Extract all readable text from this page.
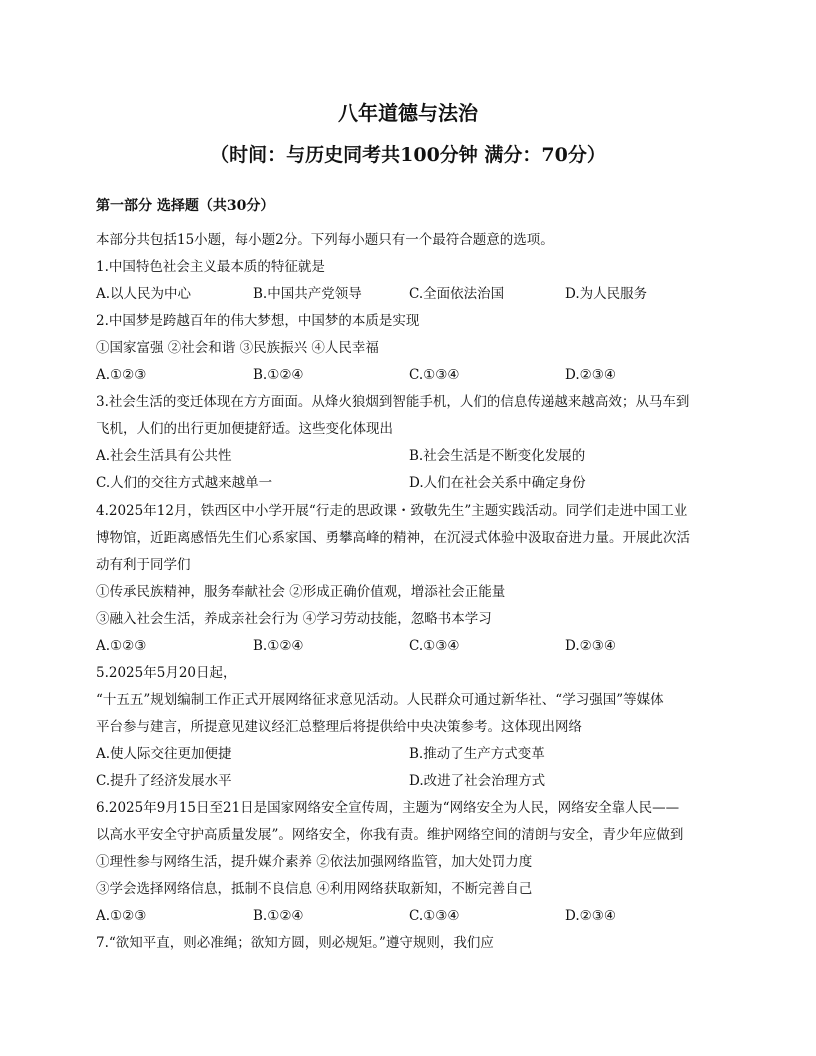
八年道德与法治
（时间：与历史同考共100分钟 满分：70分）
第一部分 选择题（共30分）
本部分共包括15小题，每小题2分。下列每小题只有一个最符合题意的选项。
1.中国特色社会主义最本质的特征就是
A.以人民为中心	B.中国共产党领导	C.全面依法治国	D.为人民服务
2.中国梦是跨越百年的伟大梦想，中国梦的本质是实现
①国家富强 ②社会和谐 ③民族振兴 ④人民幸福
A.①②③	B.①②④	C.①③④	D.②③④
3.社会生活的变迁体现在方方面面。从烽火狼烟到智能手机，人们的信息传递越来越高效；从马车到
飞机，人们的出行更加便捷舒适。这些变化体现出
A.社会生活具有公共性	B.社会生活是不断变化发展的
C.人们的交往方式越来越单一	D.人们在社会关系中确定身份
4.2025年12月，铁西区中小学开展“行走的思政课・致敬先生”主题实践活动。同学们走进中国工业
博物馆，近距离感悟先生们心系家国、勇攀高峰的精神，在沉浸式体验中汲取奋进力量。开展此次活
动有利于同学们
①传承民族精神，服务奉献社会 ②形成正确价值观，增添社会正能量
③融入社会生活，养成亲社会行为 ④学习劳动技能，忽略书本学习
A.①②③	B.①②④	C.①③④	D.②③④
5.2025年5月20日起，
“十五五”规划编制工作正式开展网络征求意见活动。人民群众可通过新华社、“学习强国”等媒体
平台参与建言，所提意见建议经汇总整理后将提供给中央决策参考。这体现出网络
A.使人际交往更加便捷	B.推动了生产方式变革
C.提升了经济发展水平	D.改进了社会治理方式
6.2025年9月15日至21日是国家网络安全宣传周，主题为“网络安全为人民，网络安全靠人民——
以高水平安全守护高质量发展”。网络安全，你我有责。维护网络空间的清朗与安全，青少年应做到
①理性参与网络生活，提升媒介素养 ②依法加强网络监管，加大处罚力度
③学会选择网络信息，抵制不良信息 ④利用网络获取新知，不断完善自己
A.①②③	B.①②④	C.①③④	D.②③④
7.“欲知平直，则必准绳；欲知方圆，则必规矩。”遵守规则，我们应
